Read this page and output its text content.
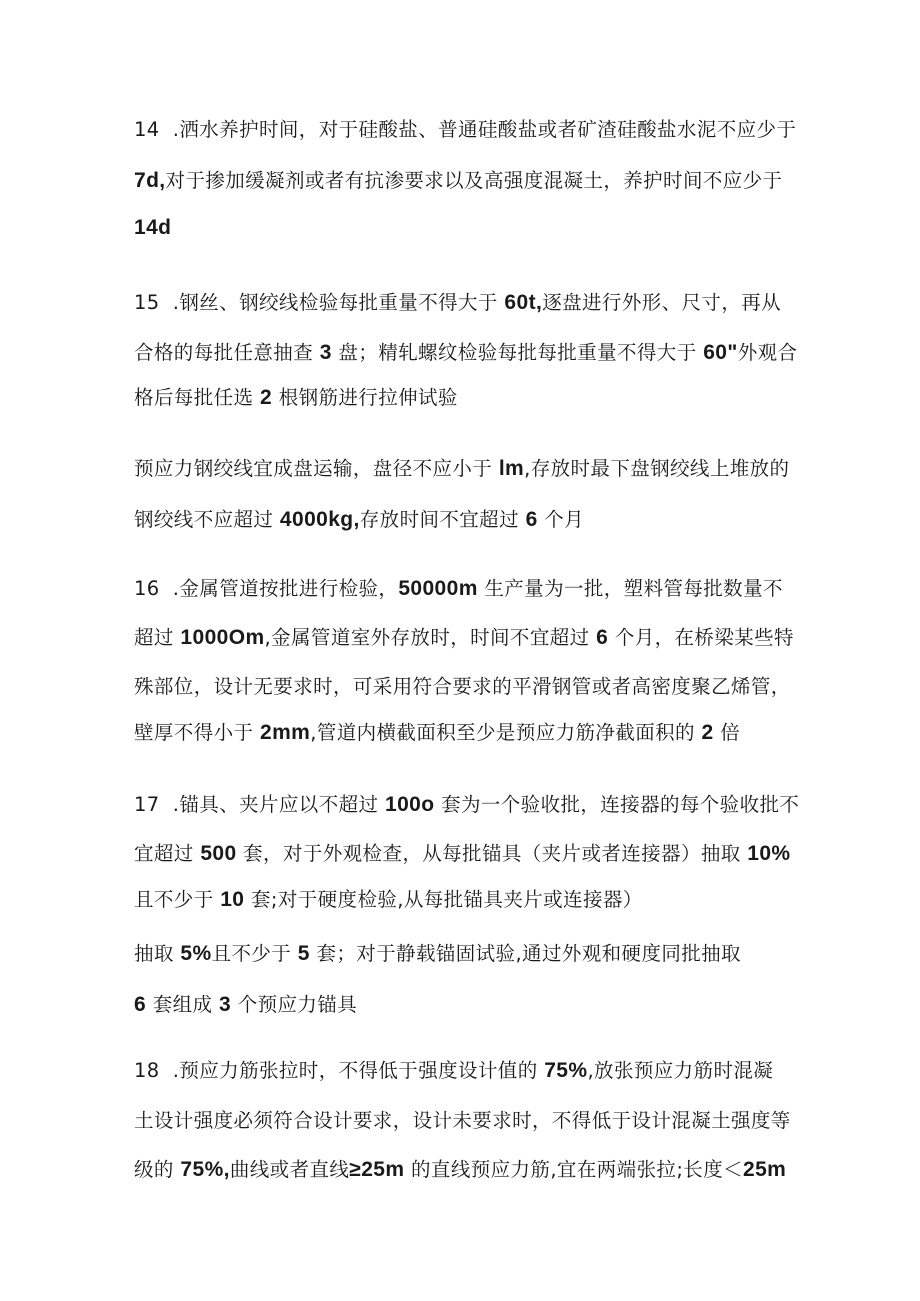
14  .洒水养护时间，对于硅酸盐、普通硅酸盐或者矿渣硅酸盐水泥不应少于

7d,对于掺加缓凝剂或者有抗渗要求以及高强度混凝土，养护时间不应少于

14d

15  .钢丝、钢绞线检验每批重量不得大于 60t,逐盘进行外形、尺寸，再从

合格的每批任意抽查 3 盘；精轧螺纹检验每批每批重量不得大于 60"外观合

格后每批任选 2 根钢筋进行拉伸试验

预应力钢绞线宜成盘运输，盘径不应小于 lm,存放时最下盘钢绞线上堆放的

钢绞线不应超过 4000kg,存放时间不宜超过 6 个月

16  .金属管道按批进行检验，50000m 生产量为一批，塑料管每批数量不

超过 1000Om,金属管道室外存放时，时间不宜超过 6 个月，在桥梁某些特

殊部位，设计无要求时，可采用符合要求的平滑钢管或者高密度聚乙烯管，

壁厚不得小于 2mm,管道内横截面积至少是预应力筋净截面积的 2 倍

17  .锚具、夹片应以不超过 100o 套为一个验收批，连接器的每个验收批不

宜超过 500 套，对于外观检查，从每批锚具（夹片或者连接器）抽取 10%

且不少于 10 套;对于硬度检验,从每批锚具夹片或连接器）

抽取 5%且不少于 5 套；对于静载锚固试验,通过外观和硬度同批抽取

6 套组成 3 个预应力锚具

18  .预应力筋张拉时，不得低于强度设计值的 75%,放张预应力筋时混凝

土设计强度必须符合设计要求，设计未要求时，不得低于设计混凝土强度等

级的 75%,曲线或者直线≥25m 的直线预应力筋,宜在两端张拉;长度＜25m
